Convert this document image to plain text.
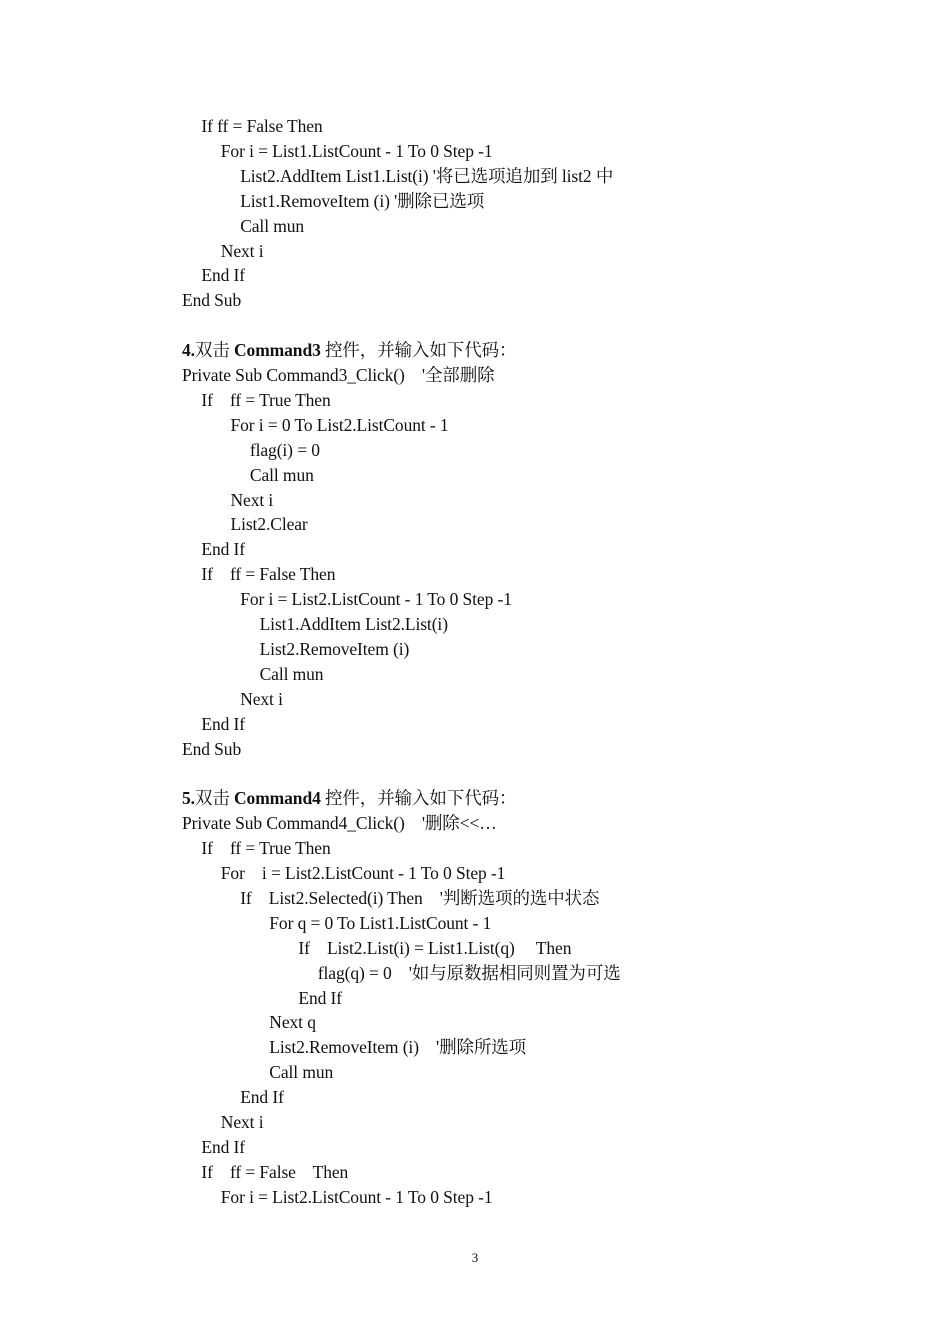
If ff = False Then
For i = List1.ListCount - 1 To 0 Step -1
List2.AddItem List1.List(i) '将已选项追加到 list2 中
List1.RemoveItem (i) '删除已选项
Call mun
Next i
End If
End Sub
4.双击 Command3 控件，并输入如下代码：
Private Sub Command3_Click()    '全部删除
If    ff = True Then
For i = 0 To List2.ListCount - 1
flag(i) = 0
Call mun
Next i
List2.Clear
End If
If    ff = False Then
For i = List2.ListCount - 1 To 0 Step -1
List1.AddItem List2.List(i)
List2.RemoveItem (i)
Call mun
Next i
End If
End Sub
5.双击 Command4 控件，并输入如下代码：
Private Sub Command4_Click()    '删除<<…
If    ff = True Then
For    i = List2.ListCount - 1 To 0 Step -1
If    List2.Selected(i) Then    '判断选项的选中状态
For q = 0 To List1.ListCount - 1
If    List2.List(i) = List1.List(q)     Then
flag(q) = 0    '如与原数据相同则置为可选
End If
Next q
List2.RemoveItem (i)    '删除所选项
Call mun
End If
Next i
End If
If    ff = False    Then
For i = List2.ListCount - 1 To 0 Step -1
3
